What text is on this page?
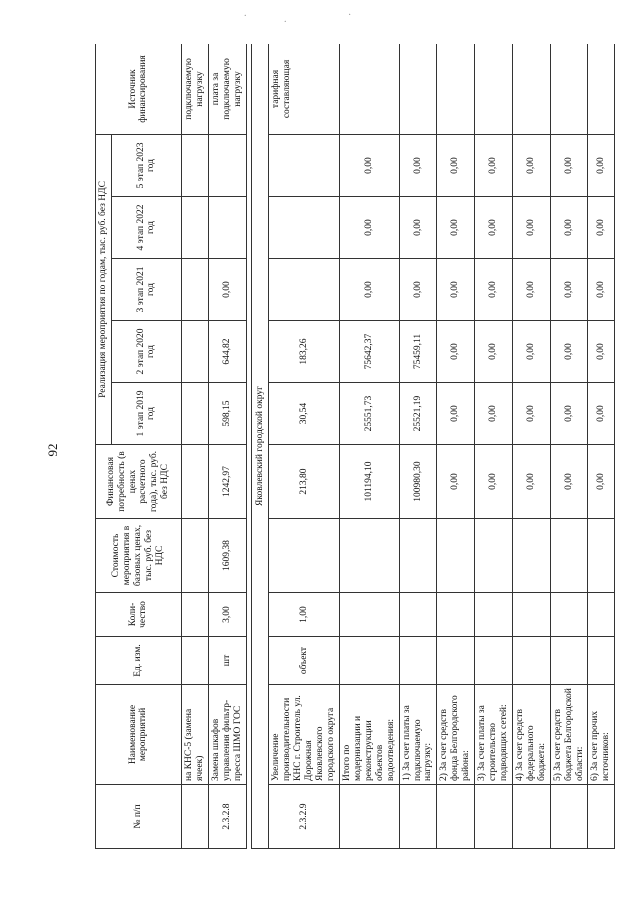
.
.	·
92
№ п/п	Наименование мероприятий	Ед. изм.	Коли-чество	Стоимость мероприятия в базовых ценах, тыс. руб. без НДС	Финансовая потребность (в ценах расчетного года), тыс. руб. без НДС	Реализация мероприятия по годам, тыс. руб. без НДС					Источник финансирования
						1 этап 2019 год	2 этап 2020 год	3 этап 2021 год	4 этап 2022 год	5 этап 2023 год	
	на КНС-5 (замена ячеек)										подключаемую нагрузку
2.3.2.8	Замена шкафов управления фильтр-пресса ШМО ГОС	шт	3,00	1609,38	1242,97	598,15	644,82	0,00			плата за подключаемую нагрузку

Яковлевский городской округ											
2.3.2.9	Увеличение производительности КНС г. Строитель ул. Дорожная Яковлевского городского округа	объект	1,00		213,80	30,54	183,26				тарифная составляющая
	Итого по модернизации и реконструкции объектов водоотведения:				101194,10	25551,73	75642,37	0,00	0,00	0,00	
	1) За счет платы за подключаемую нагрузку:				100980,30	25521,19	75459,11	0,00	0,00	0,00	
	2) За счет средств фонда Белгородского района:				0,00	0,00	0,00	0,00	0,00	0,00	
	3) За счет платы за строительство подводящих сетей:				0,00	0,00	0,00	0,00	0,00	0,00	
	4) За счет средств федерального бюджета:				0,00	0,00	0,00	0,00	0,00	0,00	
	5) За счет средств бюджета Белгородской области:				0,00	0,00	0,00	0,00	0,00	0,00	
	6) За счет прочих источников:				0,00	0,00	0,00	0,00	0,00	0,00	
